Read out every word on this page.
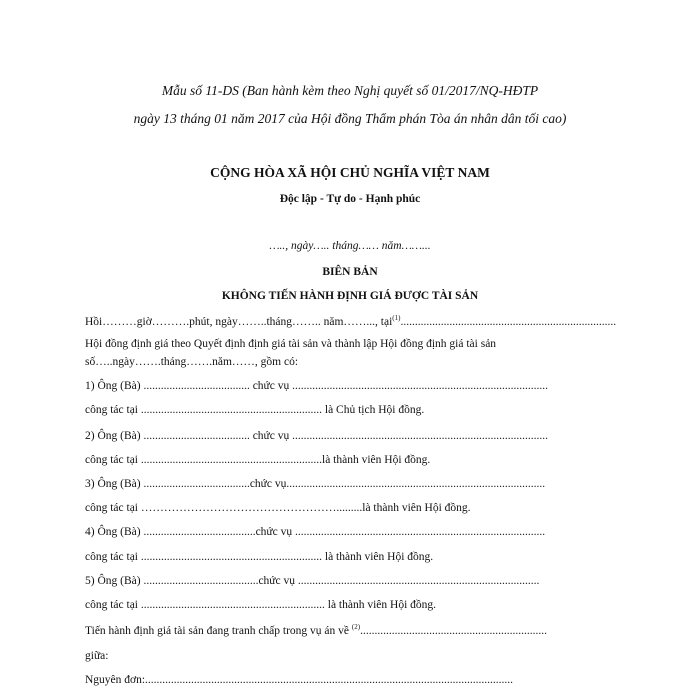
Mẫu số 11-DS (Ban hành kèm theo Nghị quyết số 01/2017/NQ-HĐTP
ngày 13 tháng 01 năm 2017 của Hội đồng Thẩm phán Tòa án nhân dân tối cao)
CỘNG HÒA XÃ HỘI CHỦ NGHĨA VIỆT NAM
Độc lập - Tự do - Hạnh phúc
….., ngày….. tháng…… năm……...
BIÊN BẢN
KHÔNG TIẾN HÀNH ĐỊNH GIÁ ĐƯỢC TÀI SẢN
Hồi………giờ……….phút, ngày……..tháng…….. năm……..., tại$^{(1)}$...........................................................................
Hội đồng định giá theo Quyết định định giá tài sản và thành lập Hội đồng định giá tài sản
số…..ngày…….tháng…….năm……, gồm có:
1) Ông (Bà) ..................................... chức vụ .........................................................................................
công tác tại ............................................................... là Chủ tịch Hội đồng.
2) Ông (Bà) ..................................... chức vụ .........................................................................................
công tác tại ...............................................................là thành viên Hội đồng.
3) Ông (Bà) .....................................chức vụ..........................................................................................
công tác tại …………………………………………….........là thành viên Hội đồng.
4) Ông (Bà) .......................................chức vụ .......................................................................................
công tác tại ............................................................... là thành viên Hội đồng.
5) Ông (Bà) ........................................chức vụ ....................................................................................
công tác tại ................................................................ là thành viên Hội đồng.
Tiến hành định giá tài sản đang tranh chấp trong vụ án về $^{(2)}$.................................................................
giữa:
Nguyên đơn:................................................................................................................................
